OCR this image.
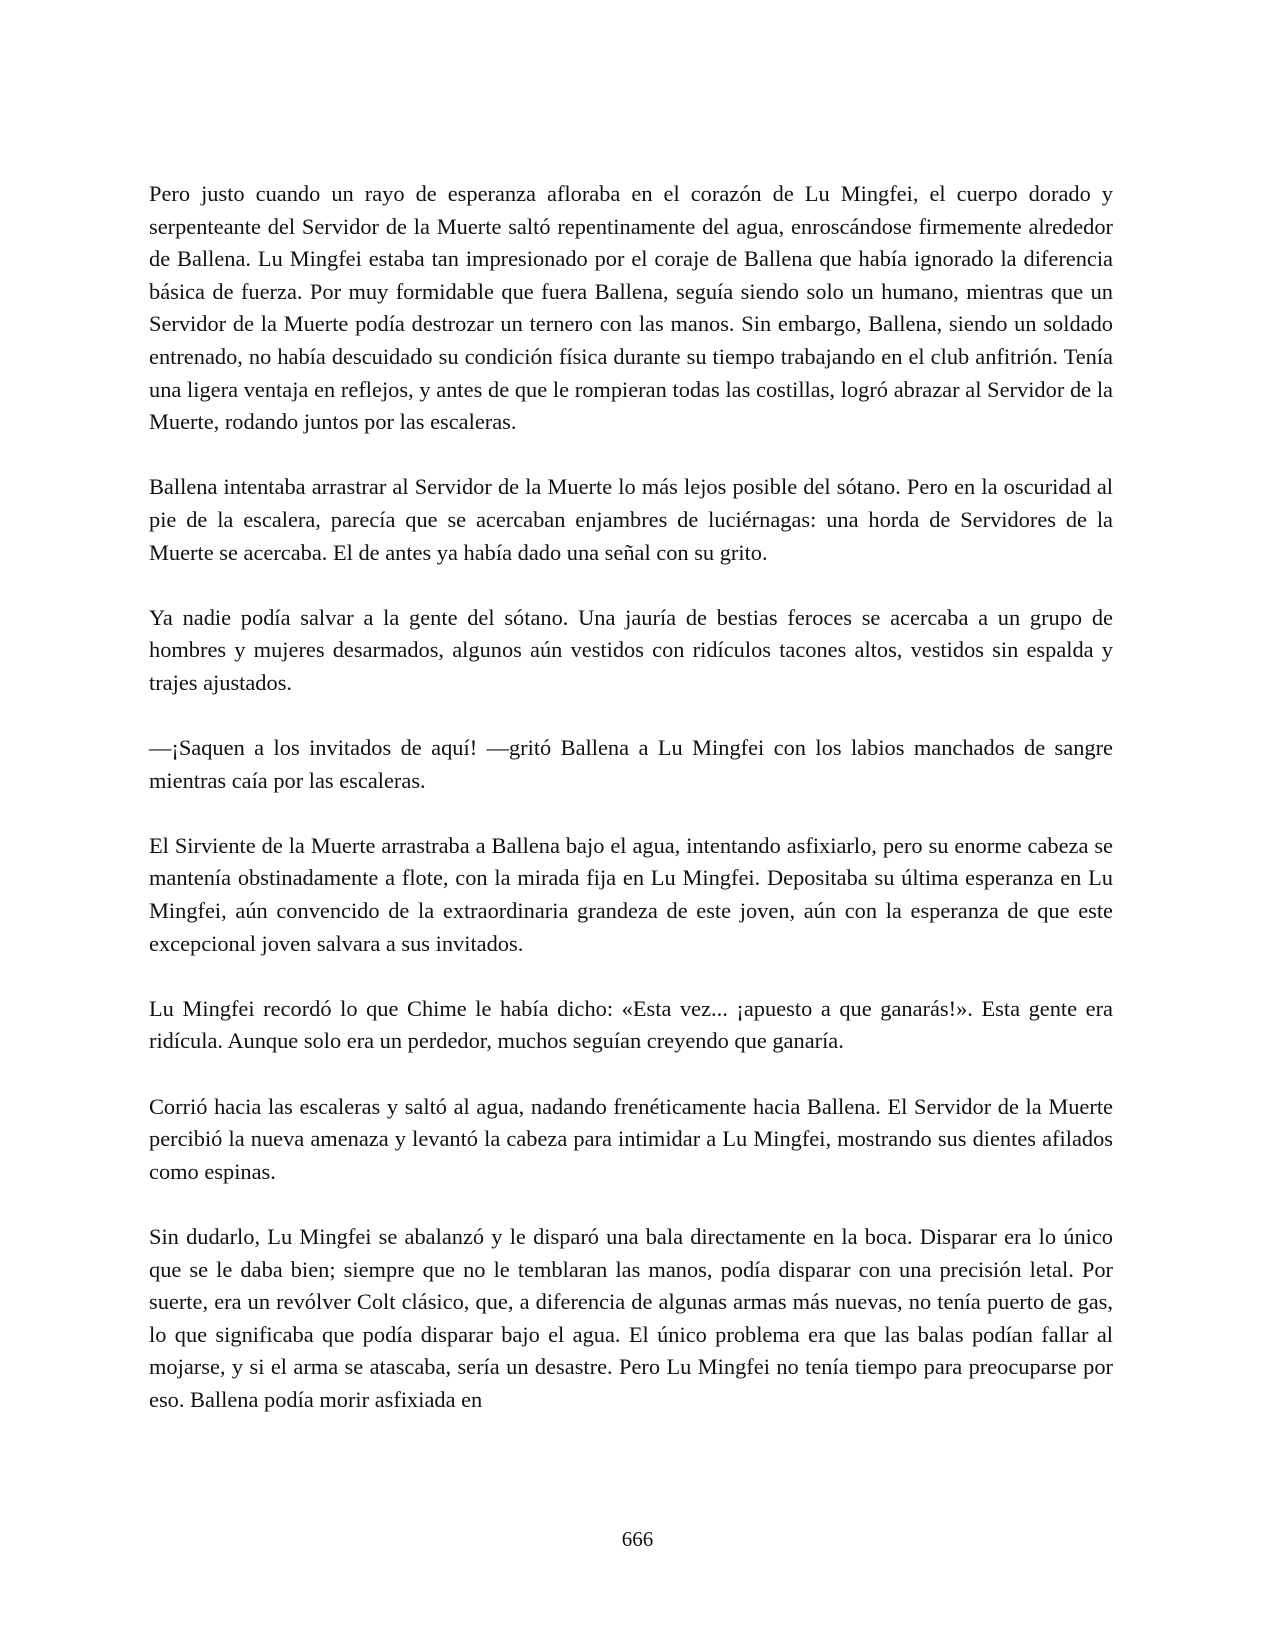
Pero justo cuando un rayo de esperanza afloraba en el corazón de Lu Mingfei, el cuerpo dorado y serpenteante del Servidor de la Muerte saltó repentinamente del agua, enroscándose firmemente alrededor de Ballena. Lu Mingfei estaba tan impresionado por el coraje de Ballena que había ignorado la diferencia básica de fuerza. Por muy formidable que fuera Ballena, seguía siendo solo un humano, mientras que un Servidor de la Muerte podía destrozar un ternero con las manos. Sin embargo, Ballena, siendo un soldado entrenado, no había descuidado su condición física durante su tiempo trabajando en el club anfitrión. Tenía una ligera ventaja en reflejos, y antes de que le rompieran todas las costillas, logró abrazar al Servidor de la Muerte, rodando juntos por las escaleras.

Ballena intentaba arrastrar al Servidor de la Muerte lo más lejos posible del sótano. Pero en la oscuridad al pie de la escalera, parecía que se acercaban enjambres de luciérnagas: una horda de Servidores de la Muerte se acercaba. El de antes ya había dado una señal con su grito.

Ya nadie podía salvar a la gente del sótano. Una jauría de bestias feroces se acercaba a un grupo de hombres y mujeres desarmados, algunos aún vestidos con ridículos tacones altos, vestidos sin espalda y trajes ajustados.

—¡Saquen a los invitados de aquí! —gritó Ballena a Lu Mingfei con los labios manchados de sangre mientras caía por las escaleras.

El Sirviente de la Muerte arrastraba a Ballena bajo el agua, intentando asfixiarlo, pero su enorme cabeza se mantenía obstinadamente a flote, con la mirada fija en Lu Mingfei. Depositaba su última esperanza en Lu Mingfei, aún convencido de la extraordinaria grandeza de este joven, aún con la esperanza de que este excepcional joven salvara a sus invitados.

Lu Mingfei recordó lo que Chime le había dicho: «Esta vez... ¡apuesto a que ganarás!». Esta gente era ridícula. Aunque solo era un perdedor, muchos seguían creyendo que ganaría.

Corrió hacia las escaleras y saltó al agua, nadando frenéticamente hacia Ballena. El Servidor de la Muerte percibió la nueva amenaza y levantó la cabeza para intimidar a Lu Mingfei, mostrando sus dientes afilados como espinas.

Sin dudarlo, Lu Mingfei se abalanzó y le disparó una bala directamente en la boca. Disparar era lo único que se le daba bien; siempre que no le temblaran las manos, podía disparar con una precisión letal. Por suerte, era un revólver Colt clásico, que, a diferencia de algunas armas más nuevas, no tenía puerto de gas, lo que significaba que podía disparar bajo el agua. El único problema era que las balas podían fallar al mojarse, y si el arma se atascaba, sería un desastre. Pero Lu Mingfei no tenía tiempo para preocuparse por eso. Ballena podía morir asfixiada en

666
